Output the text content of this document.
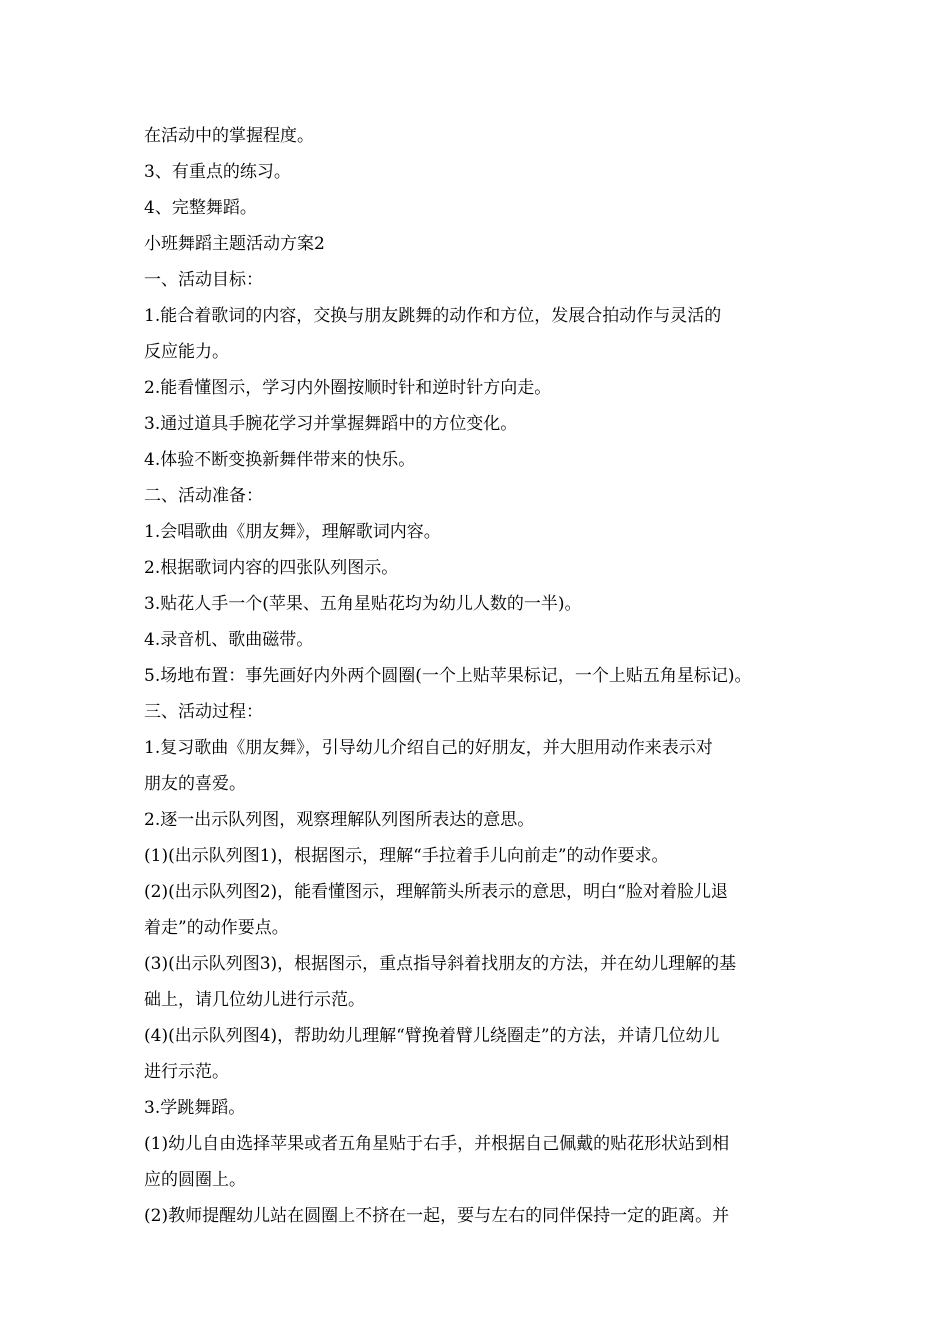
在活动中的掌握程度。

3、有重点的练习。

4、完整舞蹈。

小班舞蹈主题活动方案2

一、活动目标：

1.能合着歌词的内容，交换与朋友跳舞的动作和方位，发展合拍动作与灵活的

反应能力。

2.能看懂图示，学习内外圈按顺时针和逆时针方向走。

3.通过道具手腕花学习并掌握舞蹈中的方位变化。

4.体验不断变换新舞伴带来的快乐。

二、活动准备：

1.会唱歌曲《朋友舞》，理解歌词内容。

2.根据歌词内容的四张队列图示。

3.贴花人手一个(苹果、五角星贴花均为幼儿人数的一半)。

4.录音机、歌曲磁带。

5.场地布置：事先画好内外两个圆圈(一个上贴苹果标记，一个上贴五角星标记)。

三、活动过程：

1.复习歌曲《朋友舞》，引导幼儿介绍自己的好朋友，并大胆用动作来表示对

朋友的喜爱。

2.逐一出示队列图，观察理解队列图所表达的意思。

(1)(出示队列图1)，根据图示，理解“手拉着手儿向前走”的动作要求。

(2)(出示队列图2)，能看懂图示，理解箭头所表示的意思，明白“脸对着脸儿退

着走”的动作要点。

(3)(出示队列图3)，根据图示，重点指导斜着找朋友的方法，并在幼儿理解的基

础上，请几位幼儿进行示范。

(4)(出示队列图4)，帮助幼儿理解“臂挽着臂儿绕圈走”的方法，并请几位幼儿

进行示范。

3.学跳舞蹈。

(1)幼儿自由选择苹果或者五角星贴于右手，并根据自己佩戴的贴花形状站到相

应的圆圈上。

(2)教师提醒幼儿站在圆圈上不挤在一起，要与左右的同伴保持一定的距离。并
